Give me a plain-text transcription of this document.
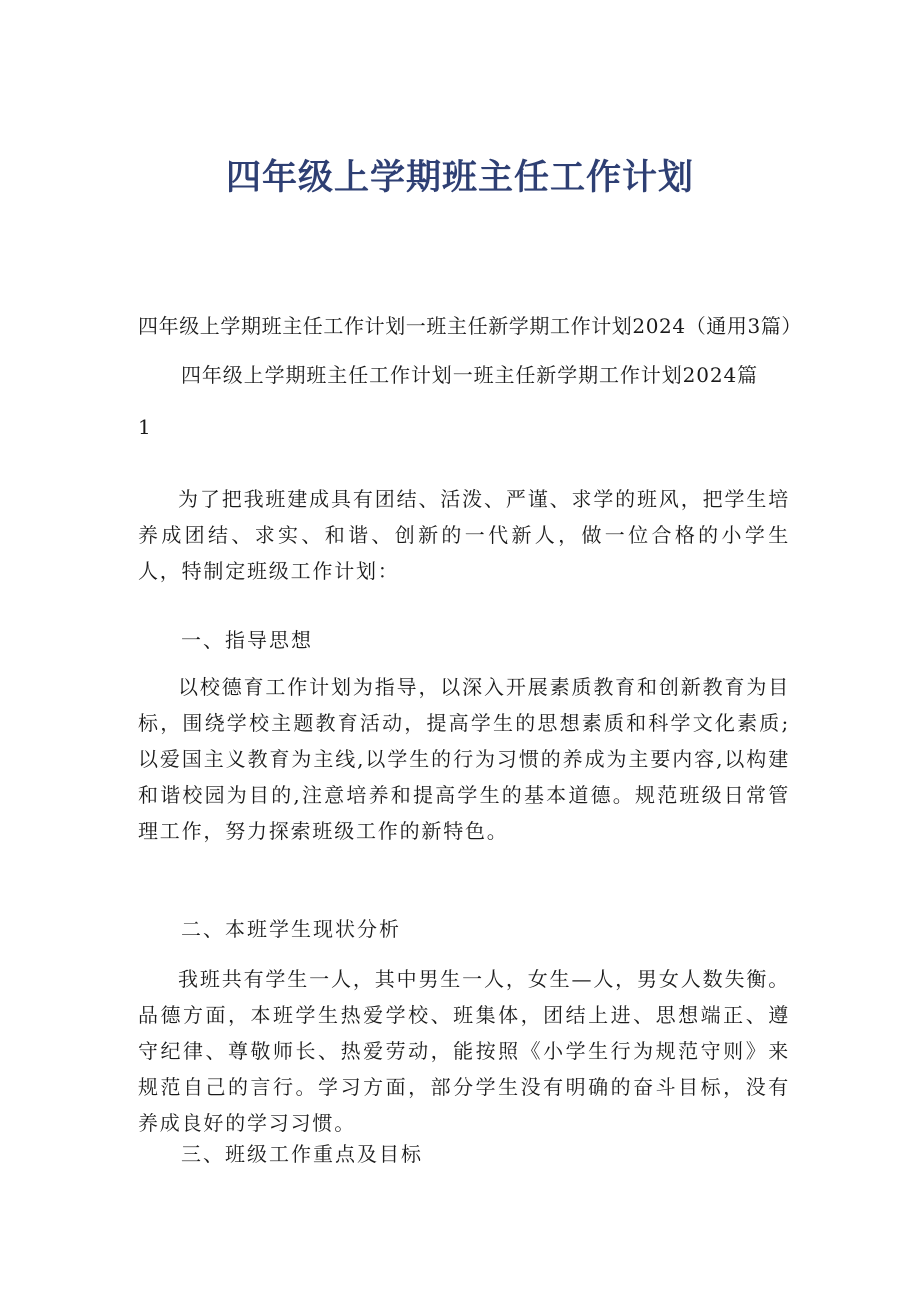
四年级上学期班主任工作计划
四年级上学期班主任工作计划一班主任新学期工作计划2024（通用3篇）
四年级上学期班主任工作计划一班主任新学期工作计划2024篇
1
为了把我班建成具有团结、活泼、严谨、求学的班风，把学生培养成团结、求实、和谐、创新的一代新人，做一位合格的小学生人，特制定班级工作计划：
一、指导思想
以校德育工作计划为指导，以深入开展素质教育和创新教育为目标，围绕学校主题教育活动，提高学生的思想素质和科学文化素质;以爱国主义教育为主线,以学生的行为习惯的养成为主要内容,以构建和谐校园为目的,注意培养和提高学生的基本道德。规范班级日常管理工作，努力探索班级工作的新特色。
二、本班学生现状分析
我班共有学生一人，其中男生一人，女生—人，男女人数失衡。品德方面，本班学生热爱学校、班集体，团结上进、思想端正、遵守纪律、尊敬师长、热爱劳动，能按照《小学生行为规范守则》来规范自己的言行。学习方面，部分学生没有明确的奋斗目标，没有养成良好的学习习惯。
三、班级工作重点及目标
